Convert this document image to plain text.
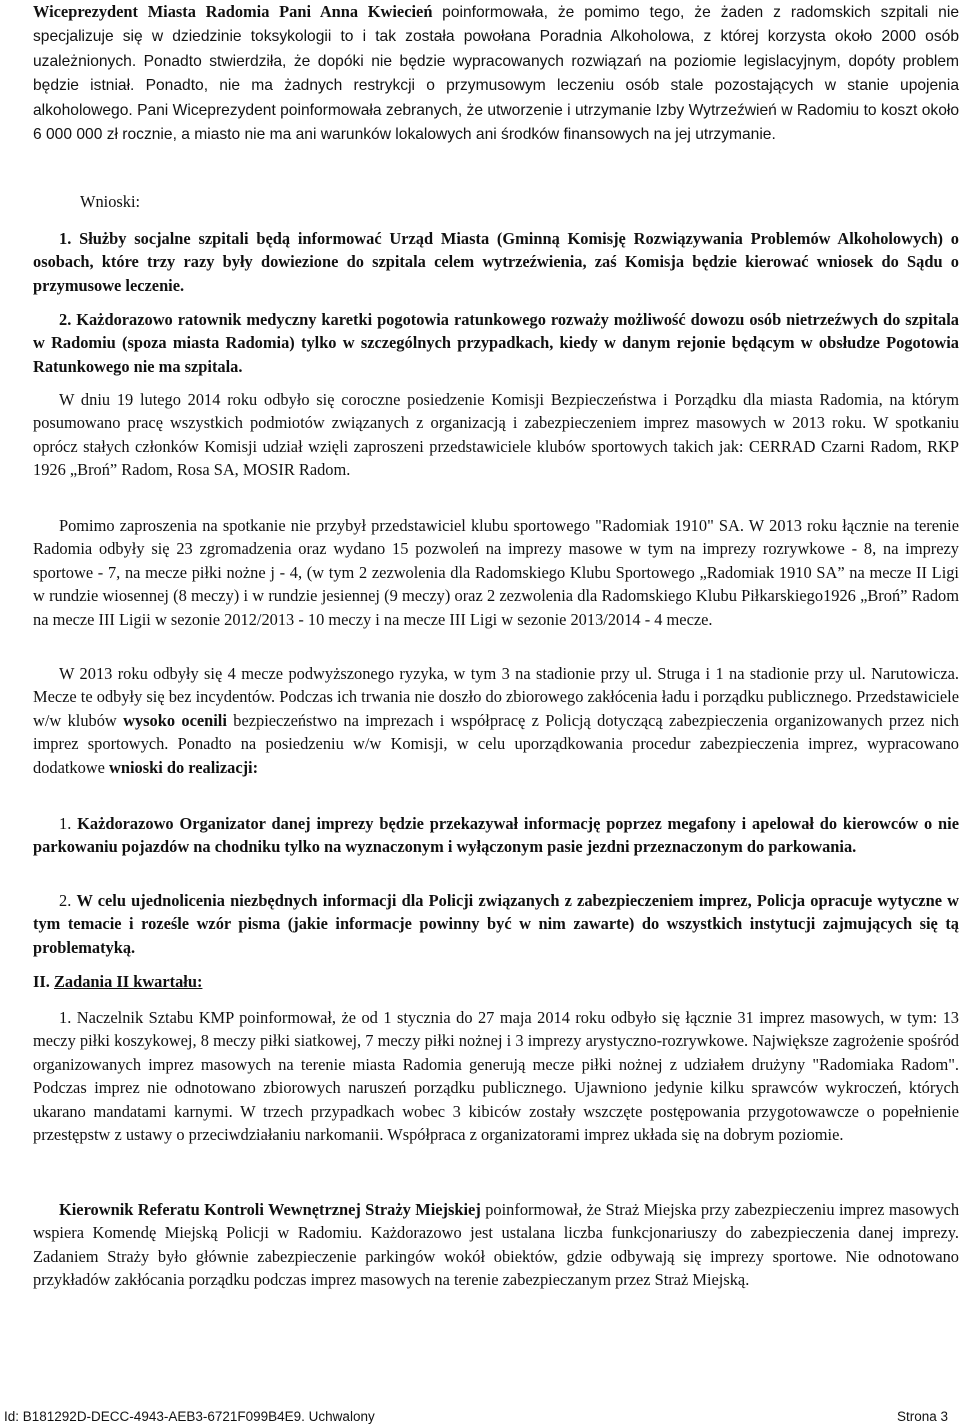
Wiceprezydent Miasta Radomia Pani Anna Kwiecień poinformowała, że pomimo tego, że żaden z radomskich szpitali nie specjalizuje się w dziedzinie toksykologii to i tak została powołana Poradnia Alkoholowa, z której korzysta około 2000 osób uzależnionych. Ponadto stwierdziła, że dopóki nie będzie wypracowanych rozwiązań na poziomie legislacyjnym, dopóty problem będzie istniał. Ponadto, nie ma żadnych restrykcji o przymusowym leczeniu osób stale pozostających w stanie upojenia alkoholowego. Pani Wiceprezydent poinformowała zebranych, że utworzenie i utrzymanie Izby Wytrzeźwień w Radomiu to koszt około 6 000 000 zł rocznie, a miasto nie ma ani warunków lokalowych ani środków finansowych na jej utrzymanie.

Wnioski:

1. Służby socjalne szpitali będą informować Urząd Miasta (Gminną Komisję Rozwiązywania Problemów Alkoholowych) o osobach, które trzy razy były dowiezione do szpitala celem wytrzeźwienia, zaś Komisja będzie kierować wniosek do Sądu o przymusowe leczenie.

2. Każdorazowo ratownik medyczny karetki pogotowia ratunkowego rozważy możliwość dowozu osób nietrzeźwych do szpitala w Radomiu (spoza miasta Radomia) tylko w szczególnych przypadkach, kiedy w danym rejonie będącym w obsłudze Pogotowia Ratunkowego nie ma szpitala.

W dniu 19 lutego 2014 roku odbyło się coroczne posiedzenie Komisji Bezpieczeństwa i Porządku dla miasta Radomia, na którym posumowano pracę wszystkich podmiotów związanych z organizacją i zabezpieczeniem imprez masowych w 2013 roku. W spotkaniu oprócz stałych członków Komisji udział wzięli zaproszeni przedstawiciele klubów sportowych takich jak: CERRAD Czarni Radom, RKP 1926 „Broń” Radom, Rosa SA, MOSIR Radom.

Pomimo zaproszenia na spotkanie nie przybył przedstawiciel klubu sportowego "Radomiak 1910" SA. W 2013 roku łącznie na terenie Radomia odbyły się 23 zgromadzenia oraz wydano 15 pozwoleń na imprezy masowe w tym na imprezy rozrywkowe - 8, na imprezy sportowe - 7, na mecze piłki nożne j - 4, (w tym 2 zezwolenia dla Radomskiego Klubu Sportowego „Radomiak 1910 SA” na mecze II Ligi w rundzie wiosennej (8 meczy) i w rundzie jesiennej (9 meczy) oraz 2 zezwolenia dla Radomskiego Klubu Piłkarskiego1926 „Broń” Radom na mecze III Ligii w sezonie 2012/2013 - 10 meczy i na mecze III Ligi w sezonie 2013/2014 - 4 mecze.

W 2013 roku odbyły się 4 mecze podwyższonego ryzyka, w tym 3 na stadionie przy ul. Struga i 1 na stadionie przy ul. Narutowicza. Mecze te odbyły się bez incydentów. Podczas ich trwania nie doszło do zbiorowego zakłócenia ładu i porządku publicznego. Przedstawiciele w/w klubów wysoko ocenili bezpieczeństwo na imprezach i współpracę z Policją dotyczącą zabezpieczenia organizowanych przez nich imprez sportowych. Ponadto na posiedzeniu w/w Komisji, w celu uporządkowania procedur zabezpieczenia imprez, wypracowano dodatkowe wnioski do realizacji:

1. Każdorazowo Organizator danej imprezy będzie przekazywał informację poprzez megafony i apelował do kierowców o nie parkowaniu pojazdów na chodniku tylko na wyznaczonym i wyłączonym pasie jezdni przeznaczonym do parkowania.

2. W celu ujednolicenia niezbędnych informacji dla Policji związanych z zabezpieczeniem imprez, Policja opracuje wytyczne w tym temacie i roześle wzór pisma (jakie informacje powinny być w nim zawarte) do wszystkich instytucji zajmujących się tą problematyką.

II. Zadania II kwartału:

1. Naczelnik Sztabu KMP poinformował, że od 1 stycznia do 27 maja 2014 roku odbyło się łącznie 31 imprez masowych, w tym: 13 meczy piłki koszykowej, 8 meczy piłki siatkowej, 7 meczy piłki nożnej i 3 imprezy arystyczno-rozrywkowe. Największe zagrożenie spośród organizowanych imprez masowych na terenie miasta Radomia generują mecze piłki nożnej z udziałem drużyny "Radomiaka Radom". Podczas imprez nie odnotowano zbiorowych naruszeń porządku publicznego. Ujawniono jedynie kilku sprawców wykroczeń, których ukarano mandatami karnymi. W trzech przypadkach wobec 3 kibiców zostały wszczęte postępowania przygotowawcze o popełnienie przestępstw z ustawy o przeciwdziałaniu narkomanii. Współpraca z organizatorami imprez układa się na dobrym poziomie.

Kierownik Referatu Kontroli Wewnętrznej Straży Miejskiej poinformował, że Straż Miejska przy zabezpieczeniu imprez masowych wspiera Komendę Miejską Policji w Radomiu. Każdorazowo jest ustalana liczba funkcjonariuszy do zabezpieczenia danej imprezy. Zadaniem Straży było głównie zabezpieczenie parkingów wokół obiektów, gdzie odbywają się imprezy sportowe. Nie odnotowano przykładów zakłócania porządku podczas imprez masowych na terenie zabezpieczanym przez Straż Miejską.

Id: B181292D-DECC-4943-AEB3-6721F099B4E9. Uchwalony	Strona 3
